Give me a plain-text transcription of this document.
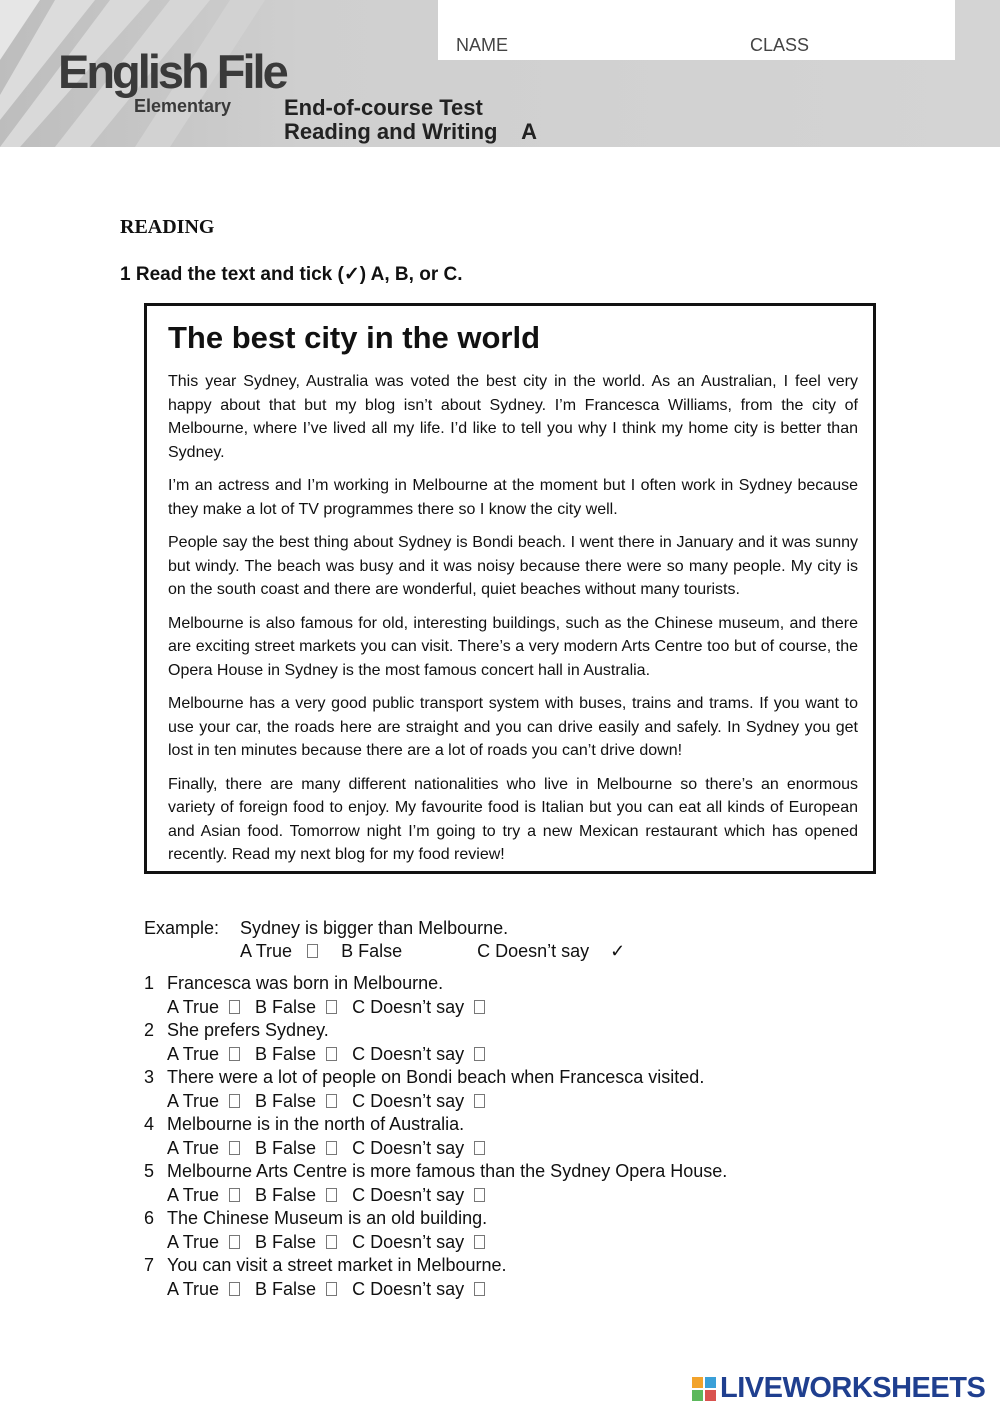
English File
Elementary
NAME	CLASS
End-of-course Test
Reading and Writing    A
READING
1 Read the text and tick (✓) A, B, or C.
The best city in the world

This year Sydney, Australia was voted the best city in the world. As an Australian, I feel very happy about that but my blog isn’t about Sydney. I’m Francesca Williams, from the city of Melbourne, where I’ve lived all my life. I’d like to tell you why I think my home city is better than Sydney.

I’m an actress and I’m working in Melbourne at the moment but I often work in Sydney because they make a lot of TV programmes there so I know the city well.

People say the best thing about Sydney is Bondi beach. I went there in January and it was sunny but windy. The beach was busy and it was noisy because there were so many people. My city is on the south coast and there are wonderful, quiet beaches without many tourists.

Melbourne is also famous for old, interesting buildings, such as the Chinese museum, and there are exciting street markets you can visit. There’s a very modern Arts Centre too but of course, the Opera House in Sydney is the most famous concert hall in Australia.

Melbourne has a very good public transport system with buses, trains and trams. If you want to use your car, the roads here are straight and you can drive easily and safely. In Sydney you get lost in ten minutes because there are a lot of roads you can’t drive down!

Finally, there are many different nationalities who live in Melbourne so there’s an enormous variety of foreign food to enjoy. My favourite food is Italian but you can eat all kinds of European and Asian food. Tomorrow night I’m going to try a new Mexican restaurant which has opened recently. Read my next blog for my food review!

Example: Sydney is bigger than Melbourne.
A True	B False	C Doesn’t say ✓
1 Francesca was born in Melbourne.
A True B False C Doesn’t say
2 She prefers Sydney.
A True B False C Doesn’t say
3 There were a lot of people on Bondi beach when Francesca visited.
A True B False C Doesn’t say
4 Melbourne is in the north of Australia.
A True B False C Doesn’t say
5 Melbourne Arts Centre is more famous than the Sydney Opera House.
A True B False C Doesn’t say
6 The Chinese Museum is an old building.
A True B False C Doesn’t say
7 You can visit a street market in Melbourne.
A True B False C Doesn’t say
LIVEWORKSHEETS
